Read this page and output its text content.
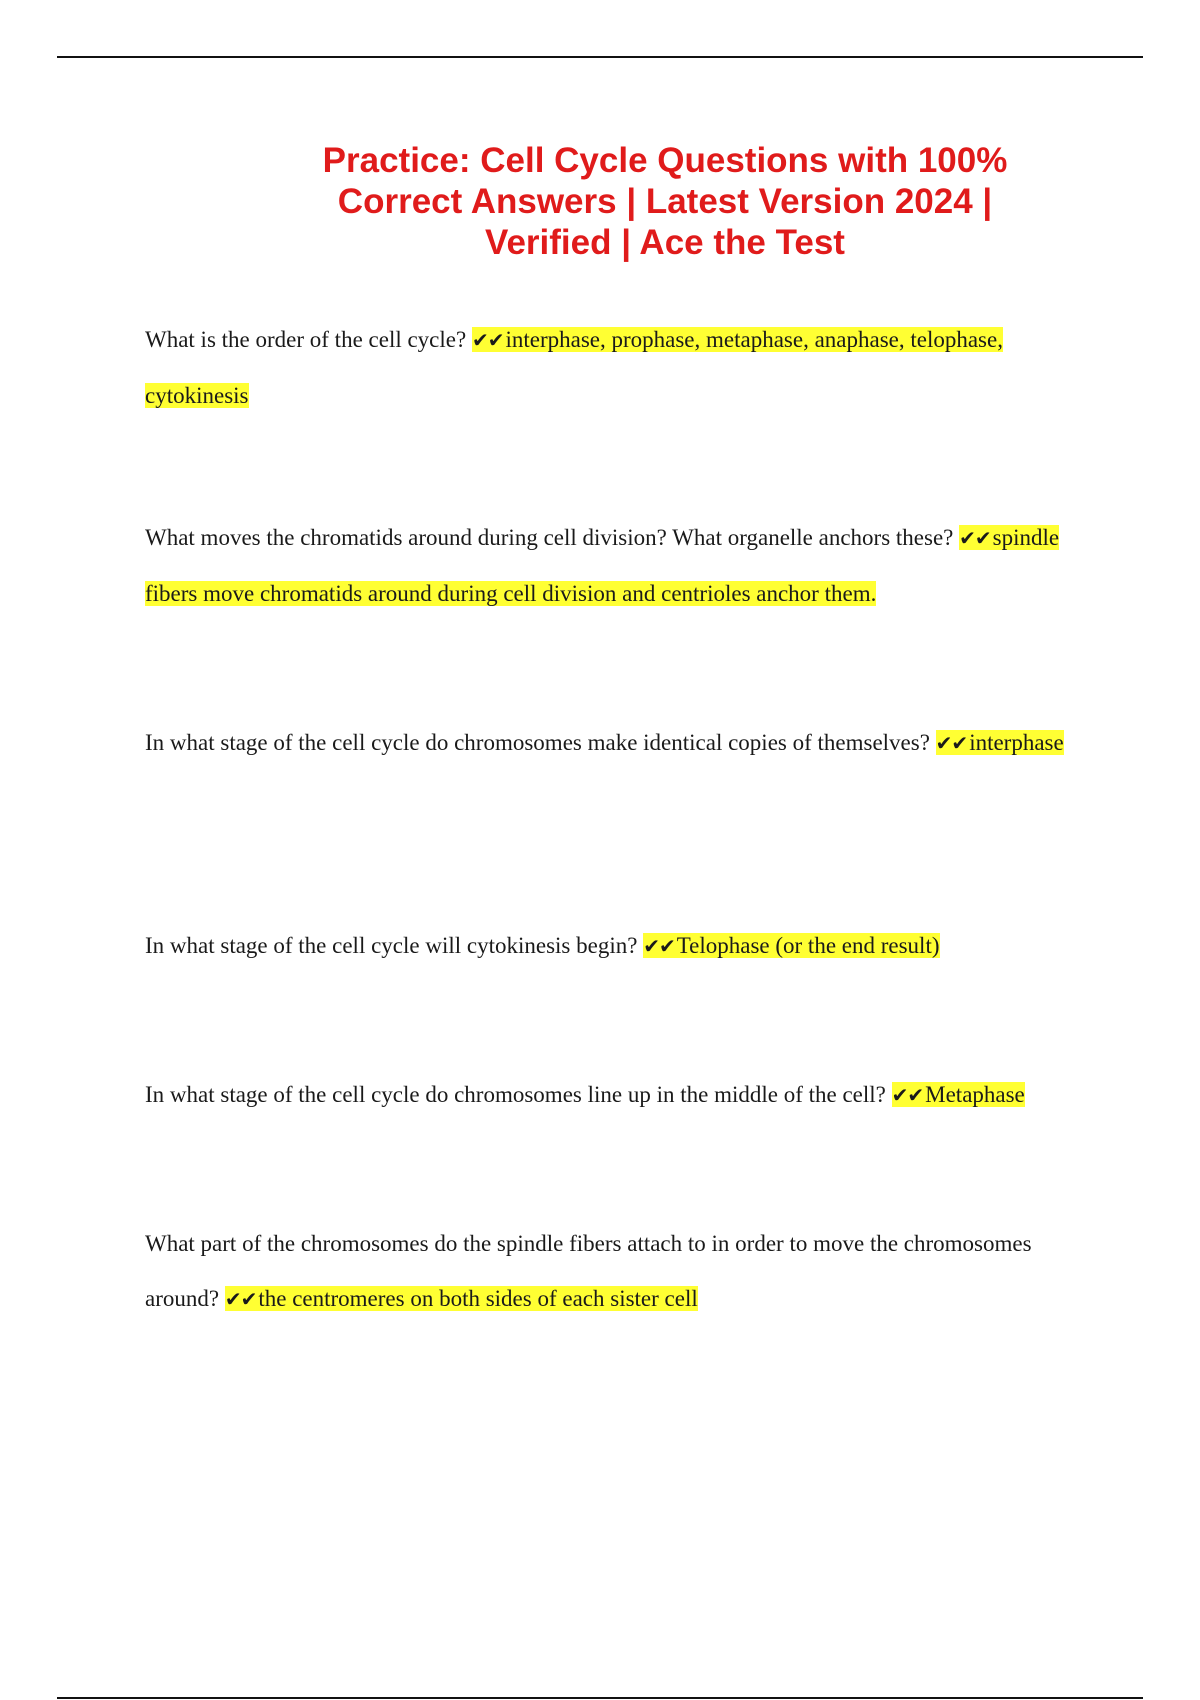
Practice: Cell Cycle Questions with 100% Correct Answers | Latest Version 2024 | Verified | Ace the Test

What is the order of the cell cycle? ✔✔interphase, prophase, metaphase, anaphase, telophase, cytokinesis

What moves the chromatids around during cell division? What organelle anchors these? ✔✔spindle fibers move chromatids around during cell division and centrioles anchor them.

In what stage of the cell cycle do chromosomes make identical copies of themselves? ✔✔interphase

In what stage of the cell cycle will cytokinesis begin? ✔✔Telophase (or the end result)

In what stage of the cell cycle do chromosomes line up in the middle of the cell? ✔✔Metaphase

What part of the chromosomes do the spindle fibers attach to in order to move the chromosomes around? ✔✔the centromeres on both sides of each sister cell
